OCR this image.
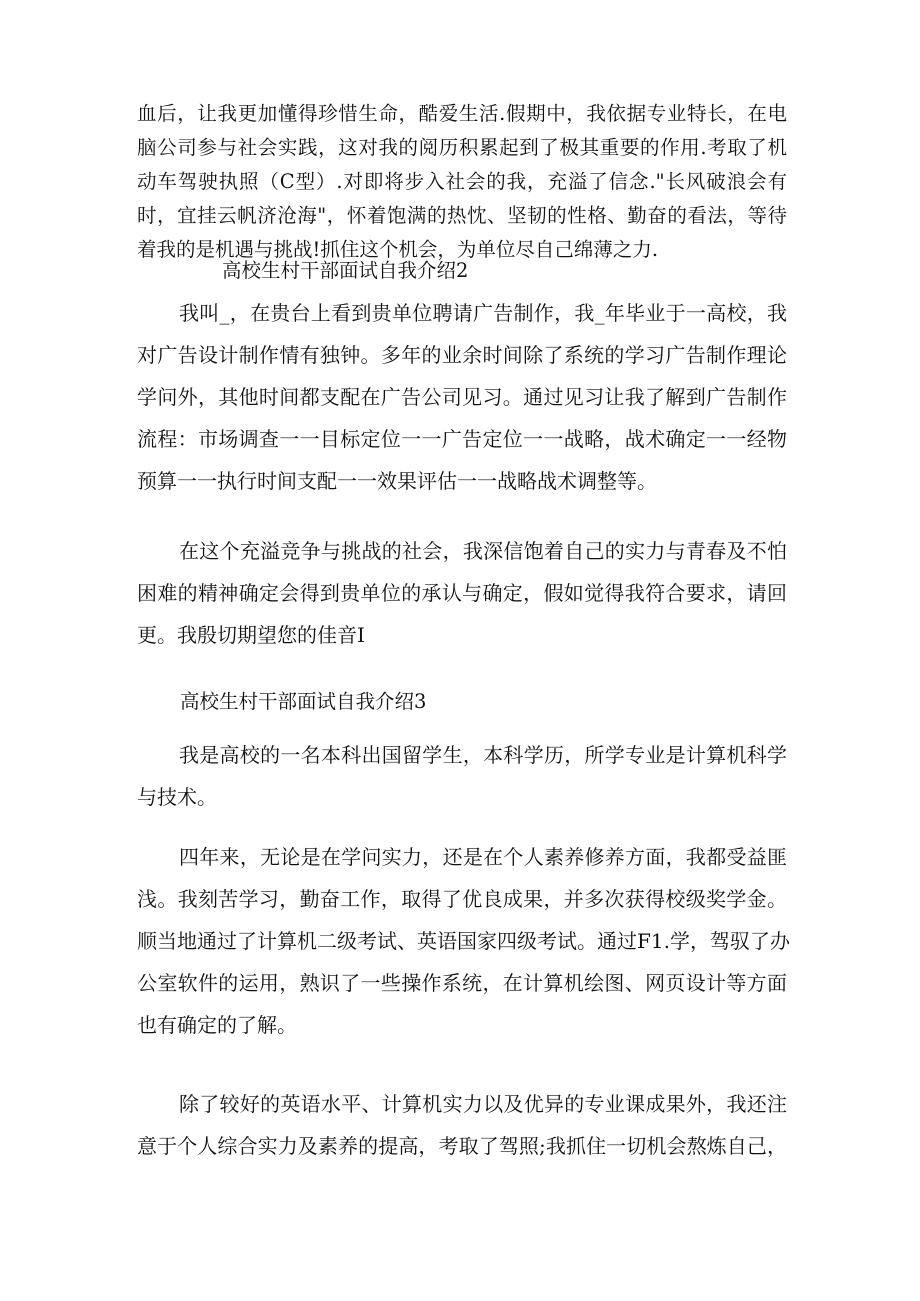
血后，让我更加懂得珍惜生命，酷爱生活.假期中，我依据专业特长，在电
脑公司参与社会实践，这对我的阅历积累起到了极其重要的作用.考取了机
动车驾驶执照（C型）.对即将步入社会的我，充溢了信念."长风破浪会有
时，宜挂云帆济沧海"，怀着饱满的热忱、坚韧的性格、勤奋的看法，等待
着我的是机遇与挑战!抓住这个机会，为单位尽自己绵薄之力.
高校生村干部面试自我介绍2
我叫_，在贵台上看到贵单位聘请广告制作，我_年毕业于一高校，我
对广告设计制作情有独钟。多年的业余时间除了系统的学习广告制作理论
学问外，其他时间都支配在广告公司见习。通过见习让我了解到广告制作
流程：市场调查一一目标定位一一广告定位一一战略，战术确定一一经物
预算一一执行时间支配一一效果评估一一战略战术调整等。
在这个充溢竞争与挑战的社会，我深信饱着自己的实力与青春及不怕
困难的精神确定会得到贵单位的承认与确定，假如觉得我符合要求，请回
更。我殷切期望您的佳音I
高校生村干部面试自我介绍3
我是高校的一名本科出国留学生，本科学历，所学专业是计算机科学
与技术。
四年来，无论是在学问实力，还是在个人素养修养方面，我都受益匪
浅。我刻苦学习，勤奋工作，取得了优良成果，并多次获得校级奖学金。
顺当地通过了计算机二级考试、英语国家四级考试。通过F1.学，驾驭了办
公室软件的运用，熟识了一些操作系统，在计算机绘图、网页设计等方面
也有确定的了解。
除了较好的英语水平、计算机实力以及优异的专业课成果外，我还注
意于个人综合实力及素养的提高，考取了驾照;我抓住一切机会熬炼自己，
